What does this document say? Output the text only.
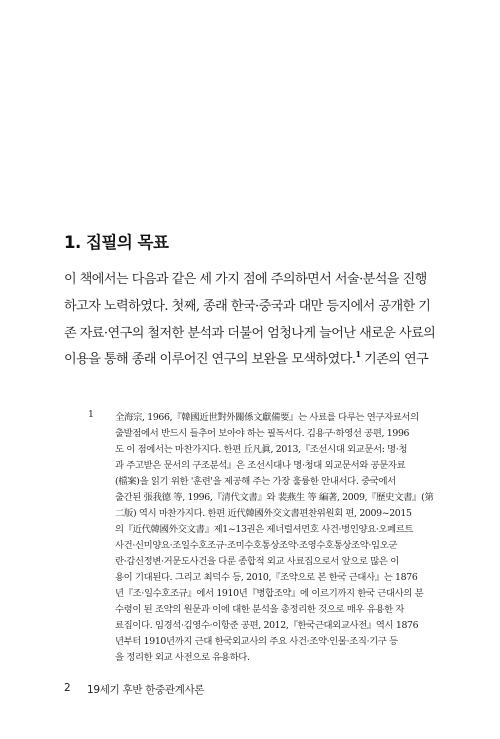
1. 집필의 목표
이 책에서는 다음과 같은 세 가지 점에 주의하면서 서술·분석을 진행
하고자 노력하였다. 첫째, 종래 한국·중국과 대만 등지에서 공개한 기
존 자료·연구의 철저한 분석과 더불어 엄청나게 늘어난 새로운 사료의
이용을 통해 종래 이루어진 연구의 보완을 모색하였다.$^1$ 기존의 연구
1 全海宗, 1966,『韓國近世對外關係文獻備要』는 사료를 다루는 연구자료서의
출발점에서 반드시 들추어 보아야 하는 필독서다. 김용구·하영선 공편, 1996
도 이 점에서는 마찬가지다. 한편 丘凡眞, 2013,『조선시대 외교문서: 명·청
과 주고받은 문서의 구조분석』은 조선시대나 명·청대 외교문서와 공문자료
(檔案)을 읽기 위한 '훈련'을 제공해 주는 가장 훌륭한 안내서다. 중국에서
출간된 張我德 等, 1996,『清代文書』와 裴燕生 等 編著, 2009,『歷史文書』(第
二版) 역시 마찬가지다. 한편 近代韓國外交文書편찬위원회 편, 2009~2015
의『近代韓國外交文書』제1~13권은 제너럴셔먼호 사건·병인양요·오페르트
사건·신미양요·조일수호조규·조미수호통상조약·조영수호통상조약·임오군
란·갑신정변·거문도사건을 다룬 종합적 외교 사료집으로서 앞으로 많은 이
용이 기대된다. 그리고 최덕수 등, 2010,『조약으로 본 한국 근대사』는 1876
년『조·일수호조규』에서 1910년『병합조약』에 이르기까지 한국 근대사의 분
수령이 된 조약의 원문과 이에 대한 분석을 총정리한 것으로 매우 유용한 자
료집이다. 임경석·김영수·이항준 공편, 2012,『한국근대외교사전』역시 1876
년부터 1910년까지 근대 한국외교사의 주요 사건·조약·인물·조직·기구 등
을 정리한 외교 사전으로 유용하다.
2 19세기 후반 한중관계사론
